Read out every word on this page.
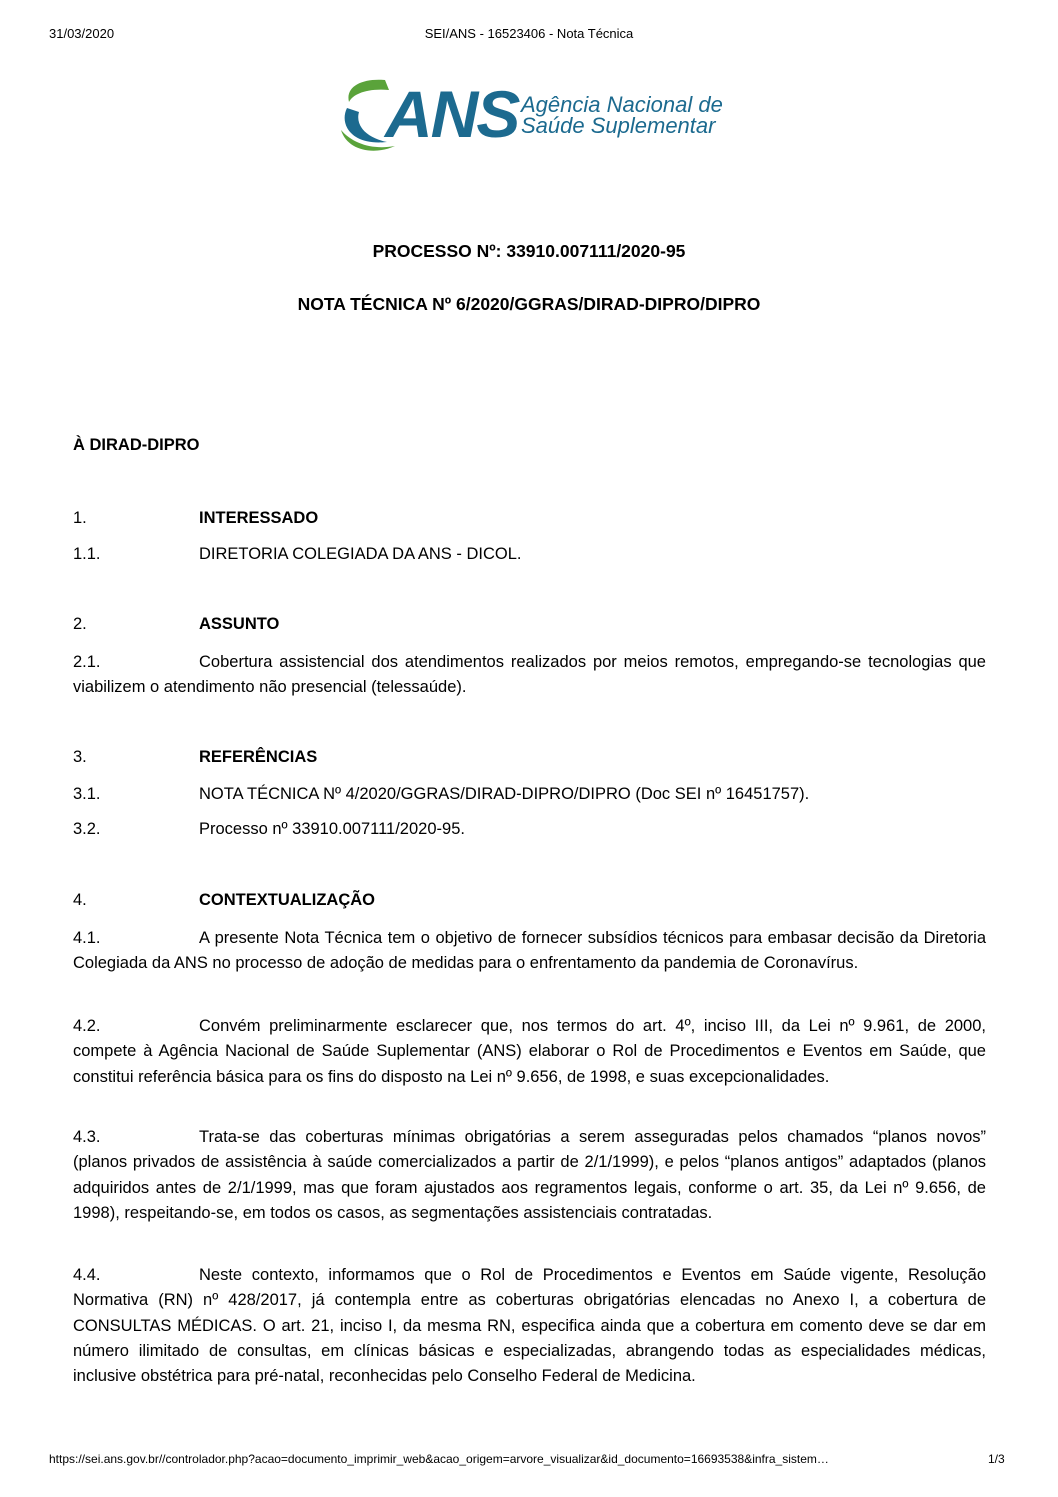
31/03/2020	SEI/ANS - 16523406 - Nota Técnica
ANS Agência Nacional de
Saúde Suplementar
PROCESSO Nº: 33910.007111/2020-95
NOTA TÉCNICA Nº 6/2020/GGRAS/DIRAD-DIPRO/DIPRO
À DIRAD-DIPRO
1.	INTERESSADO
1.1.	DIRETORIA COLEGIADA DA ANS - DICOL.
2.	ASSUNTO
2.1.	Cobertura assistencial dos atendimentos realizados por meios remotos, empregando-se tecnologias que viabilizem o atendimento não presencial (telessaúde).
3.	REFERÊNCIAS
3.1.	NOTA TÉCNICA Nº 4/2020/GGRAS/DIRAD-DIPRO/DIPRO (Doc SEI nº 16451757).
3.2.	Processo nº 33910.007111/2020-95.
4.	CONTEXTUALIZAÇÃO
4.1.	A presente Nota Técnica tem o objetivo de fornecer subsídios técnicos para embasar decisão da Diretoria Colegiada da ANS no processo de adoção de medidas para o enfrentamento da pandemia de Coronavírus.
4.2.	Convém preliminarmente esclarecer que, nos termos do art. 4º, inciso III, da Lei nº 9.961, de 2000, compete à Agência Nacional de Saúde Suplementar (ANS) elaborar o Rol de Procedimentos e Eventos em Saúde, que constitui referência básica para os fins do disposto na Lei nº 9.656, de 1998, e suas excepcionalidades.
4.3.	Trata-se das coberturas mínimas obrigatórias a serem asseguradas pelos chamados “planos novos” (planos privados de assistência à saúde comercializados a partir de 2/1/1999), e pelos “planos antigos” adaptados (planos adquiridos antes de 2/1/1999, mas que foram ajustados aos regramentos legais, conforme o art. 35, da Lei nº 9.656, de 1998), respeitando-se, em todos os casos, as segmentações assistenciais contratadas.
4.4.	Neste contexto, informamos que o Rol de Procedimentos e Eventos em Saúde vigente, Resolução Normativa (RN) nº 428/2017, já contempla entre as coberturas obrigatórias elencadas no Anexo I, a cobertura de CONSULTAS MÉDICAS. O art. 21, inciso I, da mesma RN, especifica ainda que a cobertura em comento deve se dar em número ilimitado de consultas, em clínicas básicas e especializadas, abrangendo todas as especialidades médicas, inclusive obstétrica para pré-natal, reconhecidas pelo Conselho Federal de Medicina.
https://sei.ans.gov.br//controlador.php?acao=documento_imprimir_web&acao_origem=arvore_visualizar&id_documento=16693538&infra_sistem…	1/3
